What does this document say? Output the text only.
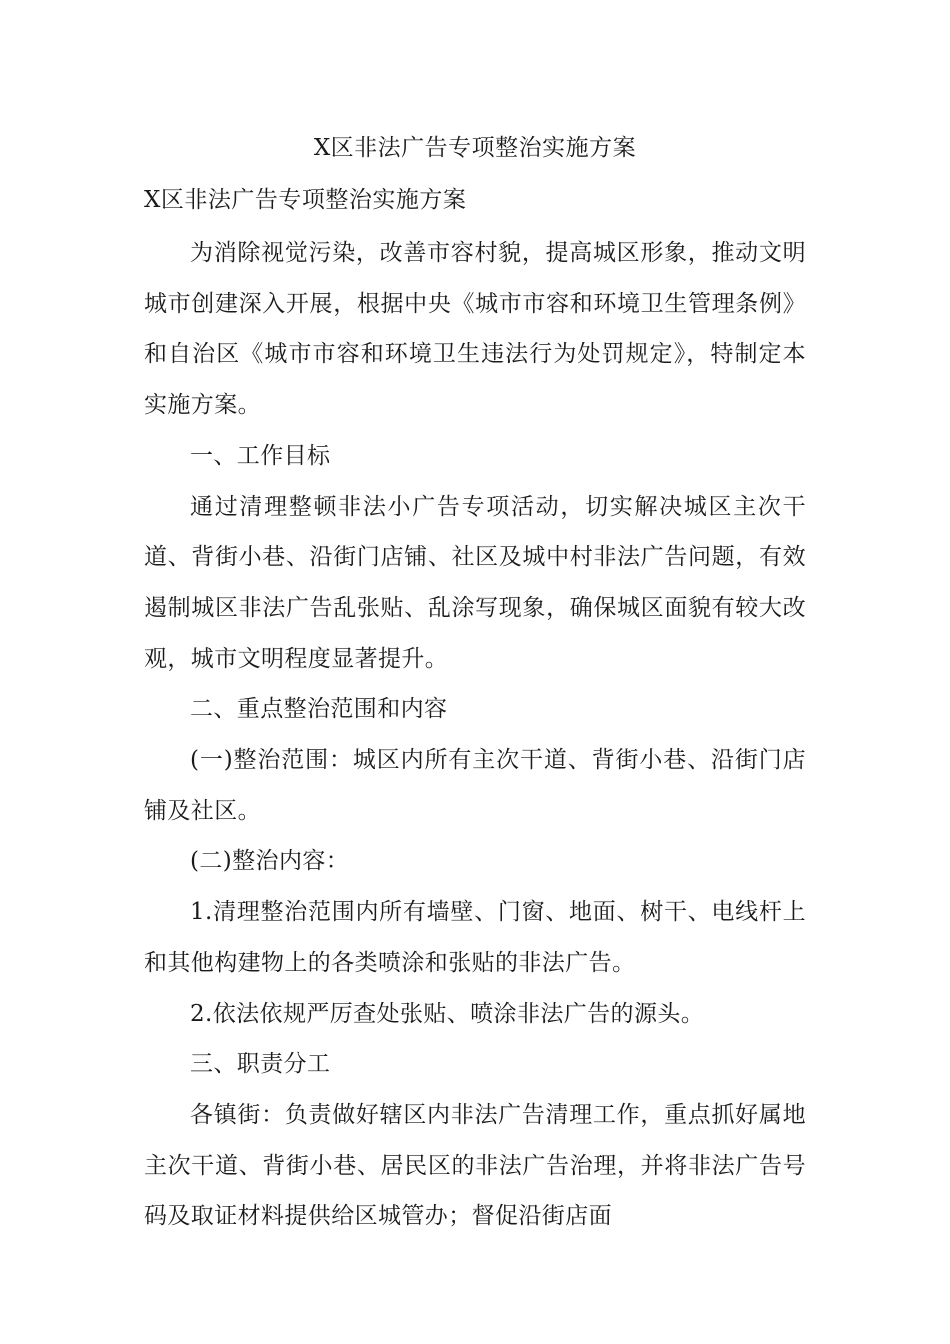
X区非法广告专项整治实施方案
X区非法广告专项整治实施方案

为消除视觉污染，改善市容村貌，提高城区形象，推动文明城市创建深入开展，根据中央《城市市容和环境卫生管理条例》和自治区《城市市容和环境卫生违法行为处罚规定》，特制定本实施方案。

一、工作目标

通过清理整顿非法小广告专项活动，切实解决城区主次干道、背街小巷、沿街门店铺、社区及城中村非法广告问题，有效遏制城区非法广告乱张贴、乱涂写现象，确保城区面貌有较大改观，城市文明程度显著提升。

二、重点整治范围和内容

(一)整治范围：城区内所有主次干道、背街小巷、沿街门店铺及社区。

(二)整治内容：

1.清理整治范围内所有墙壁、门窗、地面、树干、电线杆上和其他构建物上的各类喷涂和张贴的非法广告。

2.依法依规严厉查处张贴、喷涂非法广告的源头。

三、职责分工

各镇街：负责做好辖区内非法广告清理工作，重点抓好属地主次干道、背街小巷、居民区的非法广告治理，并将非法广告号码及取证材料提供给区城管办；督促沿街店面
